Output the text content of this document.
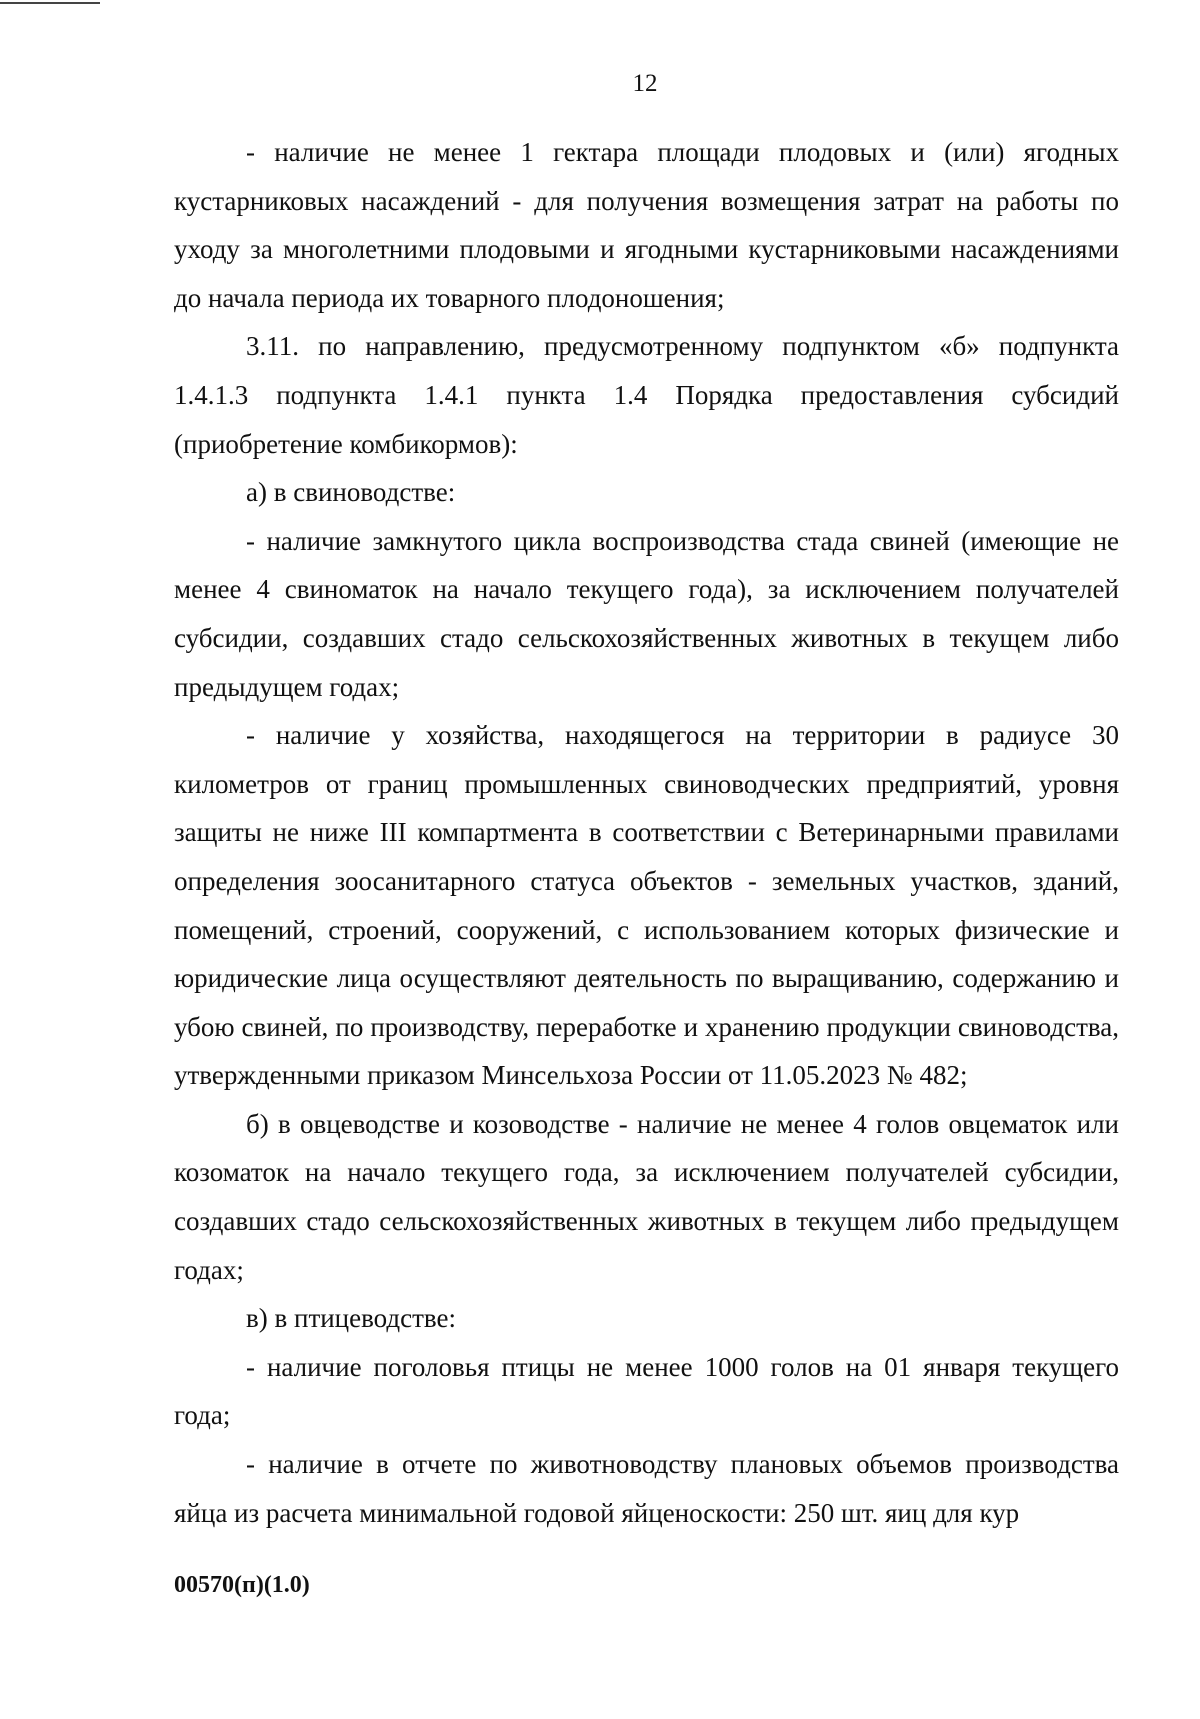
12

- наличие не менее 1 гектара площади плодовых и (или) ягодных кустарниковых насаждений - для получения возмещения затрат на работы по уходу за многолетними плодовыми и ягодными кустарниковыми насаждениями до начала периода их товарного плодоношения;

3.11. по направлению, предусмотренному подпунктом «б» подпункта 1.4.1.3 подпункта 1.4.1 пункта 1.4 Порядка предоставления субсидий (приобретение комбикормов):

а) в свиноводстве:

- наличие замкнутого цикла воспроизводства стада свиней (имеющие не менее 4 свиноматок на начало текущего года), за исключением получателей субсидии, создавших стадо сельскохозяйственных животных в текущем либо предыдущем годах;

- наличие у хозяйства, находящегося на территории в радиусе 30 километров от границ промышленных свиноводческих предприятий, уровня защиты не ниже III компартмента в соответствии с Ветеринарными правилами определения зоосанитарного статуса объектов - земельных участков, зданий, помещений, строений, сооружений, с использованием которых физические и юридические лица осуществляют деятельность по выращиванию, содержанию и убою свиней, по производству, переработке и хранению продукции свиноводства, утвержденными приказом Минсельхоза России от 11.05.2023 № 482;

б) в овцеводстве и козоводстве - наличие не менее 4 голов овцематок или козоматок на начало текущего года, за исключением получателей субсидии, создавших стадо сельскохозяйственных животных в текущем либо предыдущем годах;

в) в птицеводстве:

- наличие поголовья птицы не менее 1000 голов на 01 января текущего года;

- наличие в отчете по животноводству плановых объемов производства яйца из расчета минимальной годовой яйценоскости: 250 шт. яиц для кур

00570(п)(1.0)
